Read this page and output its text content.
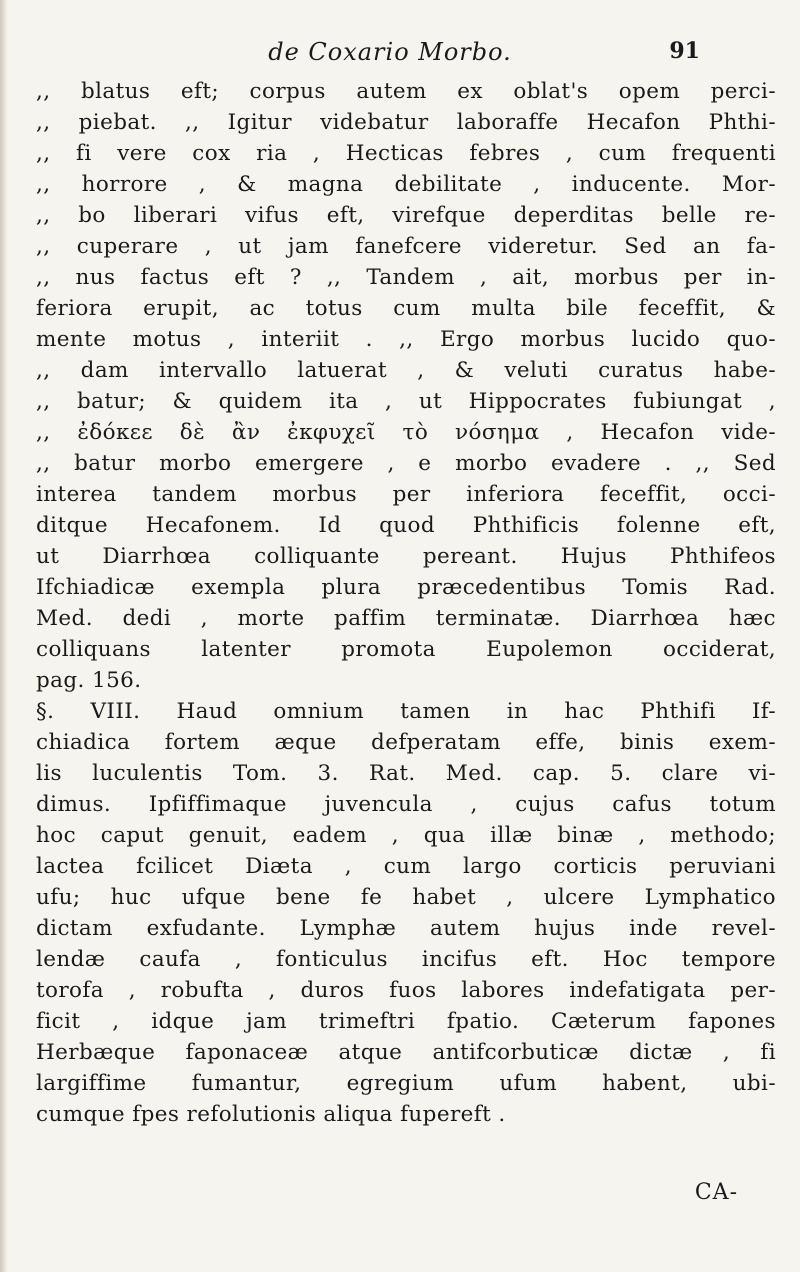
de Coxario Morbo.	91
,, blatus eft; corpus autem ex oblat's opem perci-
,, piebat. ,, Igitur videbatur laboraffe Hecafon Phthi-
,, fi vere cox ria , Hecticas febres , cum frequenti
,, horrore , & magna debilitate , inducente. Mor-
,, bo liberari vifus eft, virefque deperditas belle re-
,, cuperare , ut jam fanefcere videretur. Sed an fa-
,, nus factus eft ? ,, Tandem , ait, morbus per in-
feriora erupit, ac totus cum multa bile feceffit, &
mente motus , interiit . ,, Ergo morbus lucido quo-
,, dam intervallo latuerat , & veluti curatus habe-
,, batur; & quidem ita , ut Hippocrates fubiungat ,
,, ἐδόκεε δὲ ἂν ἐκφυχεῖ τὸ νόσημα , Hecafon vide-
,, batur morbo emergere , e morbo evadere . ,, Sed
interea tandem morbus per inferiora feceffit, occi-
ditque Hecafonem. Id quod Phthificis folenne eft,
ut Diarrhœa colliquante pereant. Hujus Phthifeos
Ifchiadicæ exempla plura præcedentibus Tomis Rad.
Med. dedi , morte paffim terminatæ. Diarrhœa hæc
colliquans latenter promota Eupolemon occiderat,
pag. 156.
§. VIII. Haud omnium tamen in hac Phthifi If-
chiadica fortem æque defperatam effe, binis exem-
lis luculentis Tom. 3. Rat. Med. cap. 5. clare vi-
dimus. Ipfiffimaque juvencula , cujus cafus totum
hoc caput genuit, eadem , qua illæ binæ , methodo;
lactea fcilicet Diæta , cum largo corticis peruviani
ufu; huc ufque bene fe habet , ulcere Lymphatico
dictam exfudante. Lymphæ autem hujus inde revel-
lendæ caufa , fonticulus incifus eft. Hoc tempore
torofa , robufta , duros fuos labores indefatigata per-
ficit , idque jam trimeftri fpatio. Cæterum fapones
Herbæque faponaceæ atque antifcorbuticæ dictæ , fi
largiffime fumantur, egregium ufum habent, ubi-
cumque fpes refolutionis aliqua fupereft .
CA-
